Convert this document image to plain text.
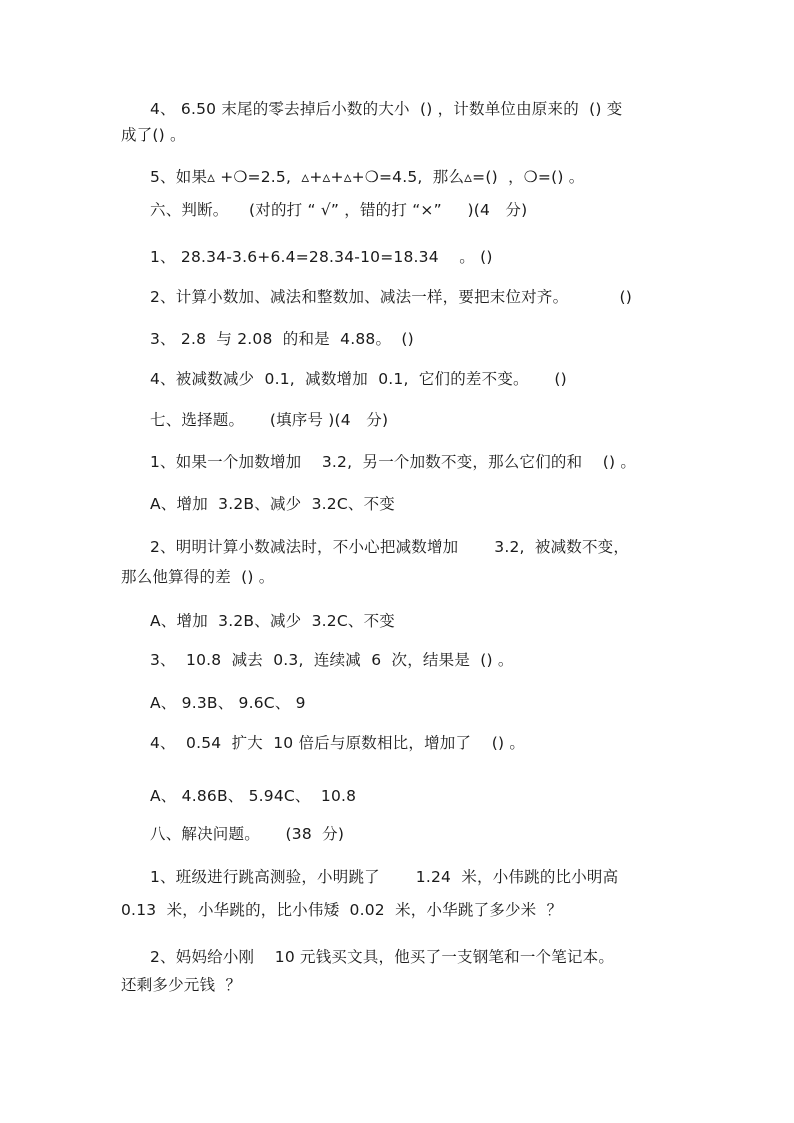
4、 6.50 末尾的零去掉后小数的大小  () ，计数单位由原来的  () 变
成了() 。
5、如果▵ +❍=2.5,  ▵+▵+▵+❍=4.5,  那么▵=()  ，❍=() 。
六、判断。    (对的打 “ √” ，错的打 “×”     )(4   分)
1、 28.34-3.6+6.4=28.34-10=18.34    。 ()
2、计算小数加、减法和整数加、减法一样，要把末位对齐。          ()
3、 2.8  与 2.08  的和是  4.88。  ()
4、被减数减少  0.1,  减数增加  0.1,  它们的差不变。     ()
七、选择题。     (填序号 )(4   分)
1、如果一个加数增加    3.2,  另一个加数不变，那么它们的和    () 。
A、增加  3.2B、减少  3.2C、不变
2、明明计算小数减法时，不小心把减数增加       3.2,  被减数不变，
那么他算得的差  () 。
A、增加  3.2B、减少  3.2C、不变
3、  10.8  减去  0.3,  连续减  6  次，结果是  () 。
A、 9.3B、 9.6C、 9
4、  0.54  扩大  10 倍后与原数相比，增加了    () 。
A、 4.86B、 5.94C、  10.8
八、解决问题。     (38  分)
1、班级进行跳高测验，小明跳了       1.24  米，小伟跳的比小明高
0.13  米，小华跳的，比小伟矮  0.02  米，小华跳了多少米  ？
2、妈妈给小刚    10 元钱买文具，他买了一支钢笔和一个笔记本。
还剩多少元钱  ？
